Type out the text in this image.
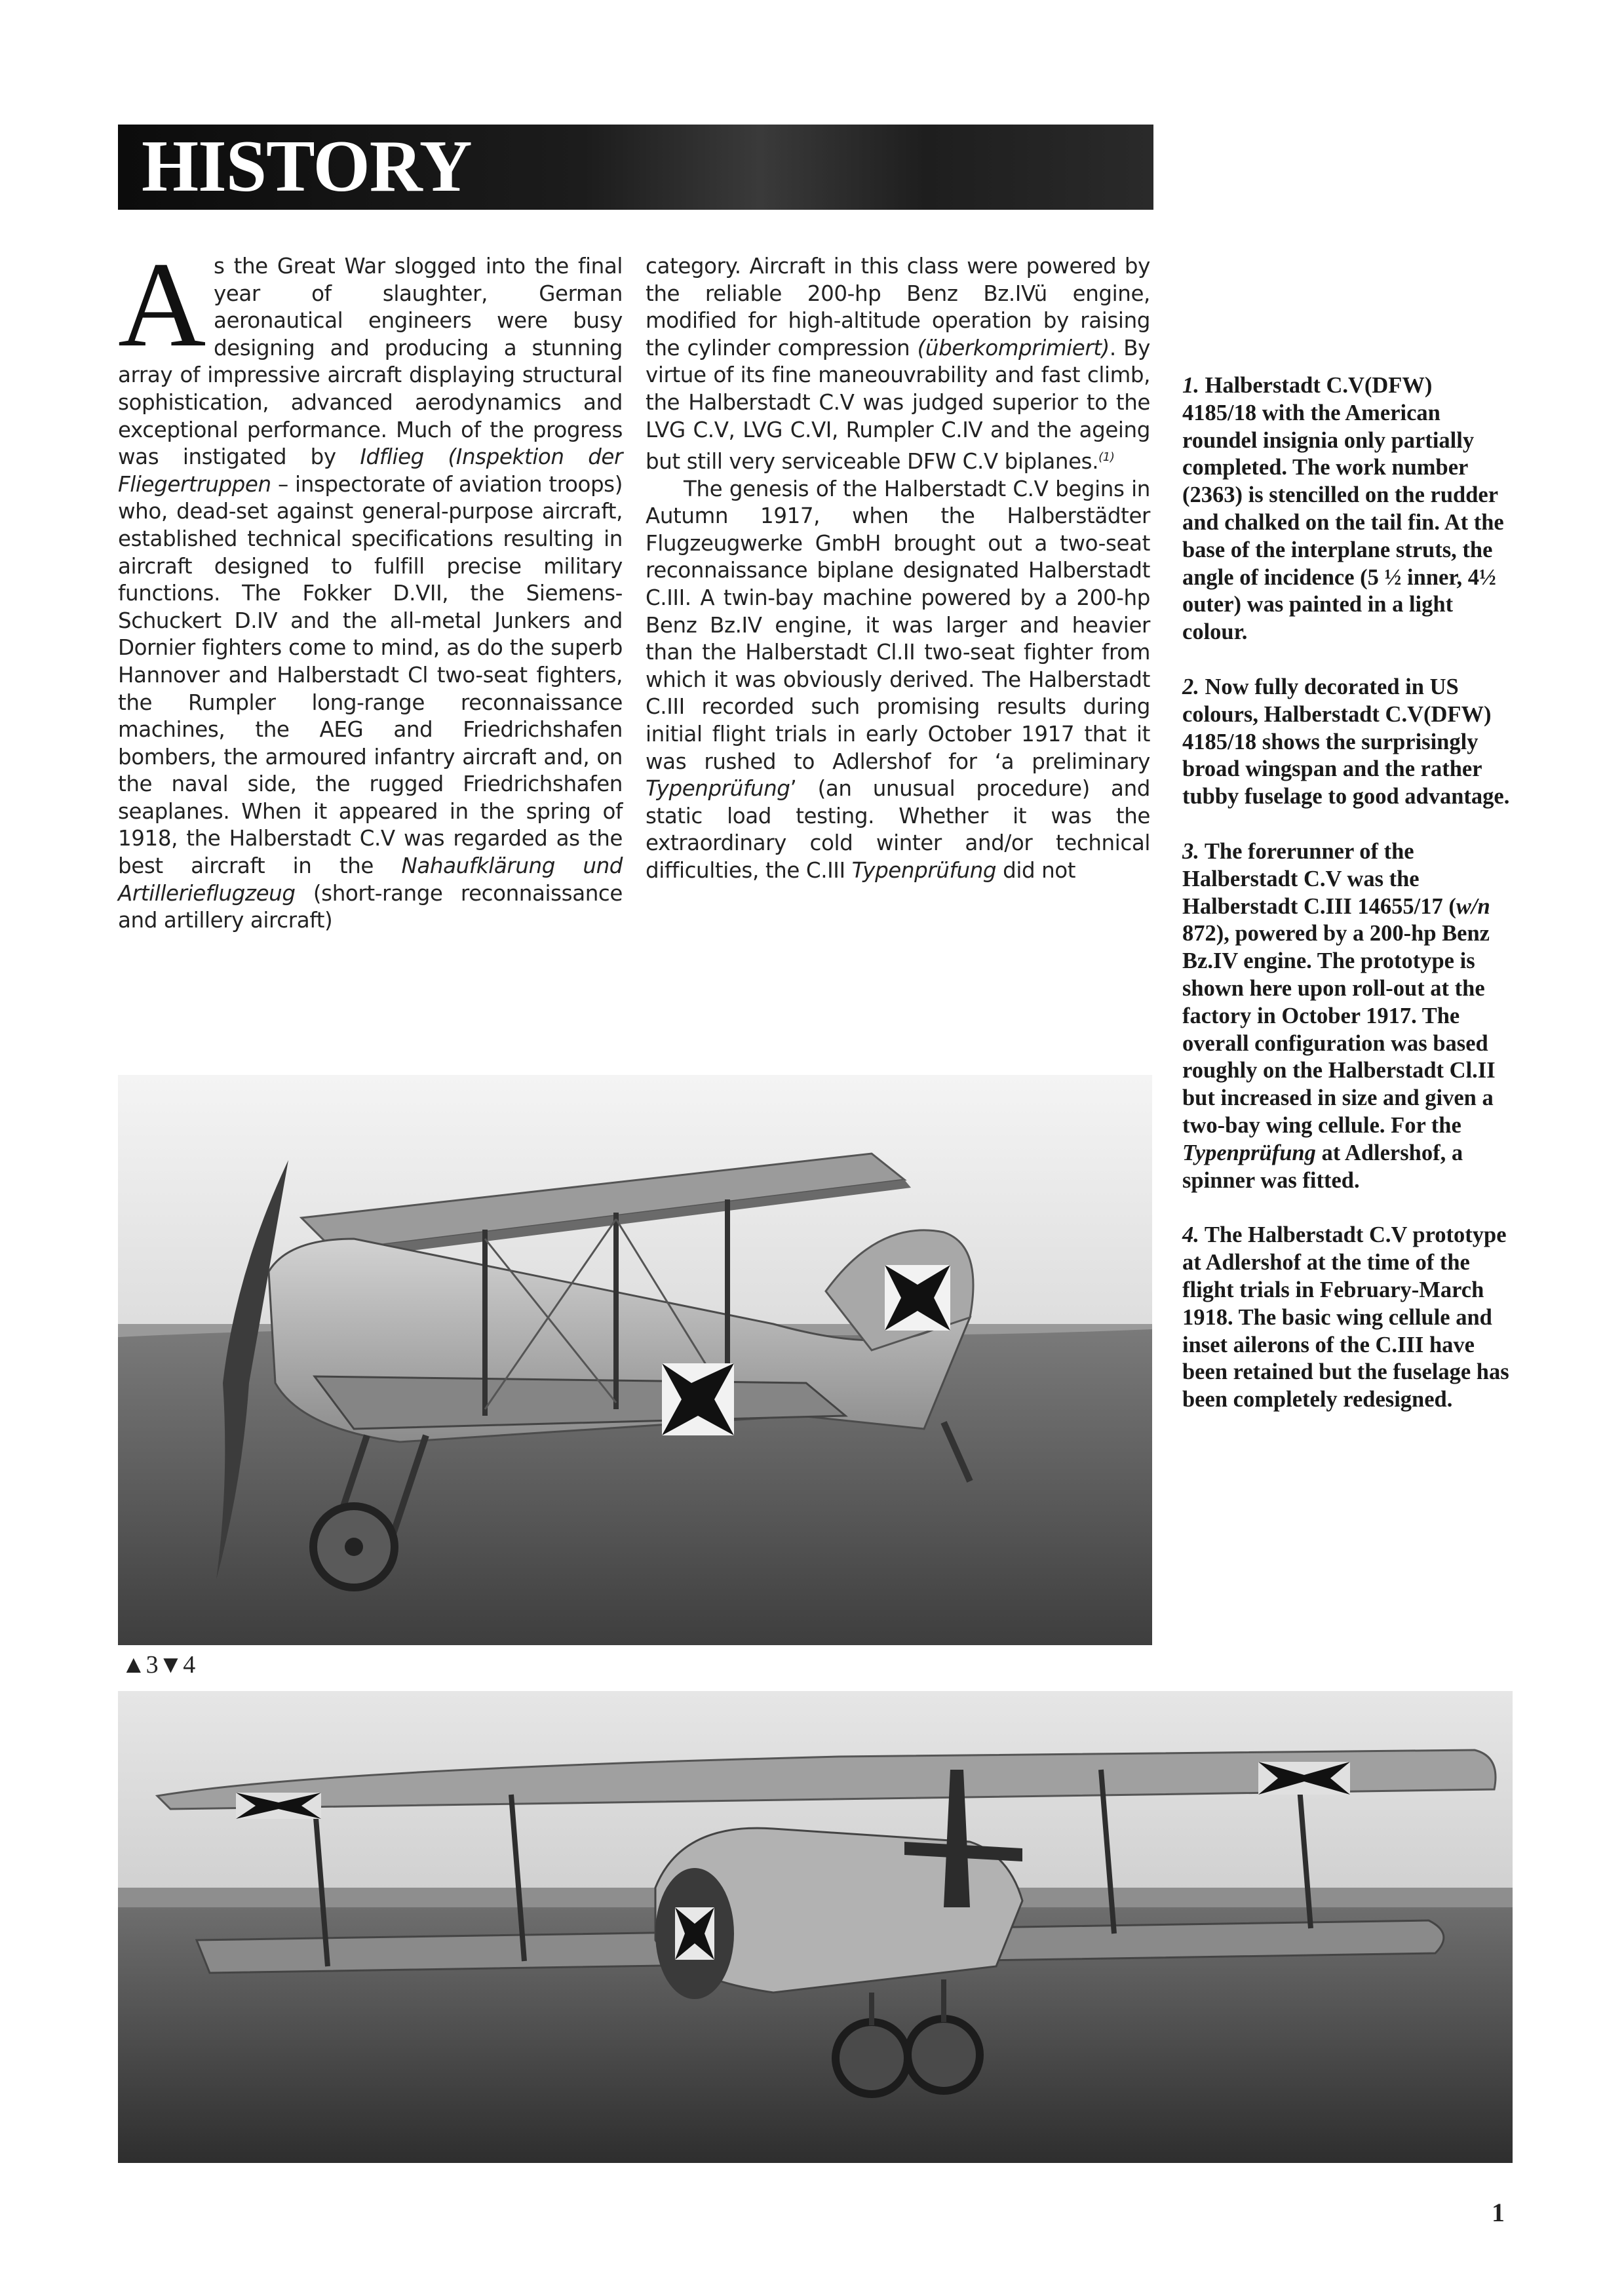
HISTORY

As the Great War slogged into the final year of slaughter, German aeronautical engineers were busy designing and producing a stunning array of impressive aircraft displaying structural sophistication, advanced aerodynamics and exceptional performance. Much of the progress was instigated by Idflieg (Inspektion der Fliegertruppen – inspectorate of aviation troops) who, dead-set against general-purpose aircraft, established technical specifications resulting in aircraft designed to fulfill precise military functions. The Fokker D.VII, the Siemens-Schuckert D.IV and the all-metal Junkers and Dornier fighters come to mind, as do the superb Hannover and Halberstadt Cl two-seat fighters, the Rumpler long-range reconnaissance machines, the AEG and Friedrichshafen bombers, the armoured infantry aircraft and, on the naval side, the rugged Friedrichshafen seaplanes. When it appeared in the spring of 1918, the Halberstadt C.V was regarded as the best aircraft in the Nahaufklärung und Artillerieflugzeug (short-range reconnaissance and artillery aircraft)

category. Aircraft in this class were powered by the reliable 200-hp Benz Bz.IVü engine, modified for high-altitude operation by raising the cylinder compression (überkomprimiert). By virtue of its fine maneouvrability and fast climb, the Halberstadt C.V was judged superior to the LVG C.V, LVG C.VI, Rumpler C.IV and the ageing but still very serviceable DFW C.V biplanes.$^{(1)}$

The genesis of the Halberstadt C.V begins in Autumn 1917, when the Halberstädter Flugzeugwerke GmbH brought out a two-seat reconnaissance biplane designated Halberstadt C.III. A twin-bay machine powered by a 200-hp Benz Bz.IV engine, it was larger and heavier than the Halberstadt Cl.II two-seat fighter from which it was obviously derived. The Halberstadt C.III recorded such promising results during initial flight trials in early October 1917 that it was rushed to Adlershof for ‘a preliminary Typenprüfung’ (an unusual procedure) and static load testing. Whether it was the extraordinary cold winter and/or technical difficulties, the C.III Typenprüfung did not

1. Halberstadt C.V(DFW) 4185/18 with the American roundel insignia only partially completed. The work number (2363) is stencilled on the rudder and chalked on the tail fin. At the base of the interplane struts, the angle of incidence (5 ½ inner, 4½ outer) was painted in a light colour.

2. Now fully decorated in US colours, Halberstadt C.V(DFW) 4185/18 shows the surprisingly broad wingspan and the rather tubby fuselage to good advantage.

3. The forerunner of the Halberstadt C.V was the Halberstadt C.III 14655/17 (w/n 872), powered by a 200-hp Benz Bz.IV engine. The prototype is shown here upon roll-out at the factory in October 1917. The overall configuration was based roughly on the Halberstadt Cl.II but increased in size and given a two-bay wing cellule. For the Typenprüfung at Adlershof, a spinner was fitted.

4. The Halberstadt C.V prototype at Adlershof at the time of the flight trials in February-March 1918. The basic wing cellule and inset ailerons of the C.III have been retained but the fuselage has been completely redesigned.

▲3▼4
1
